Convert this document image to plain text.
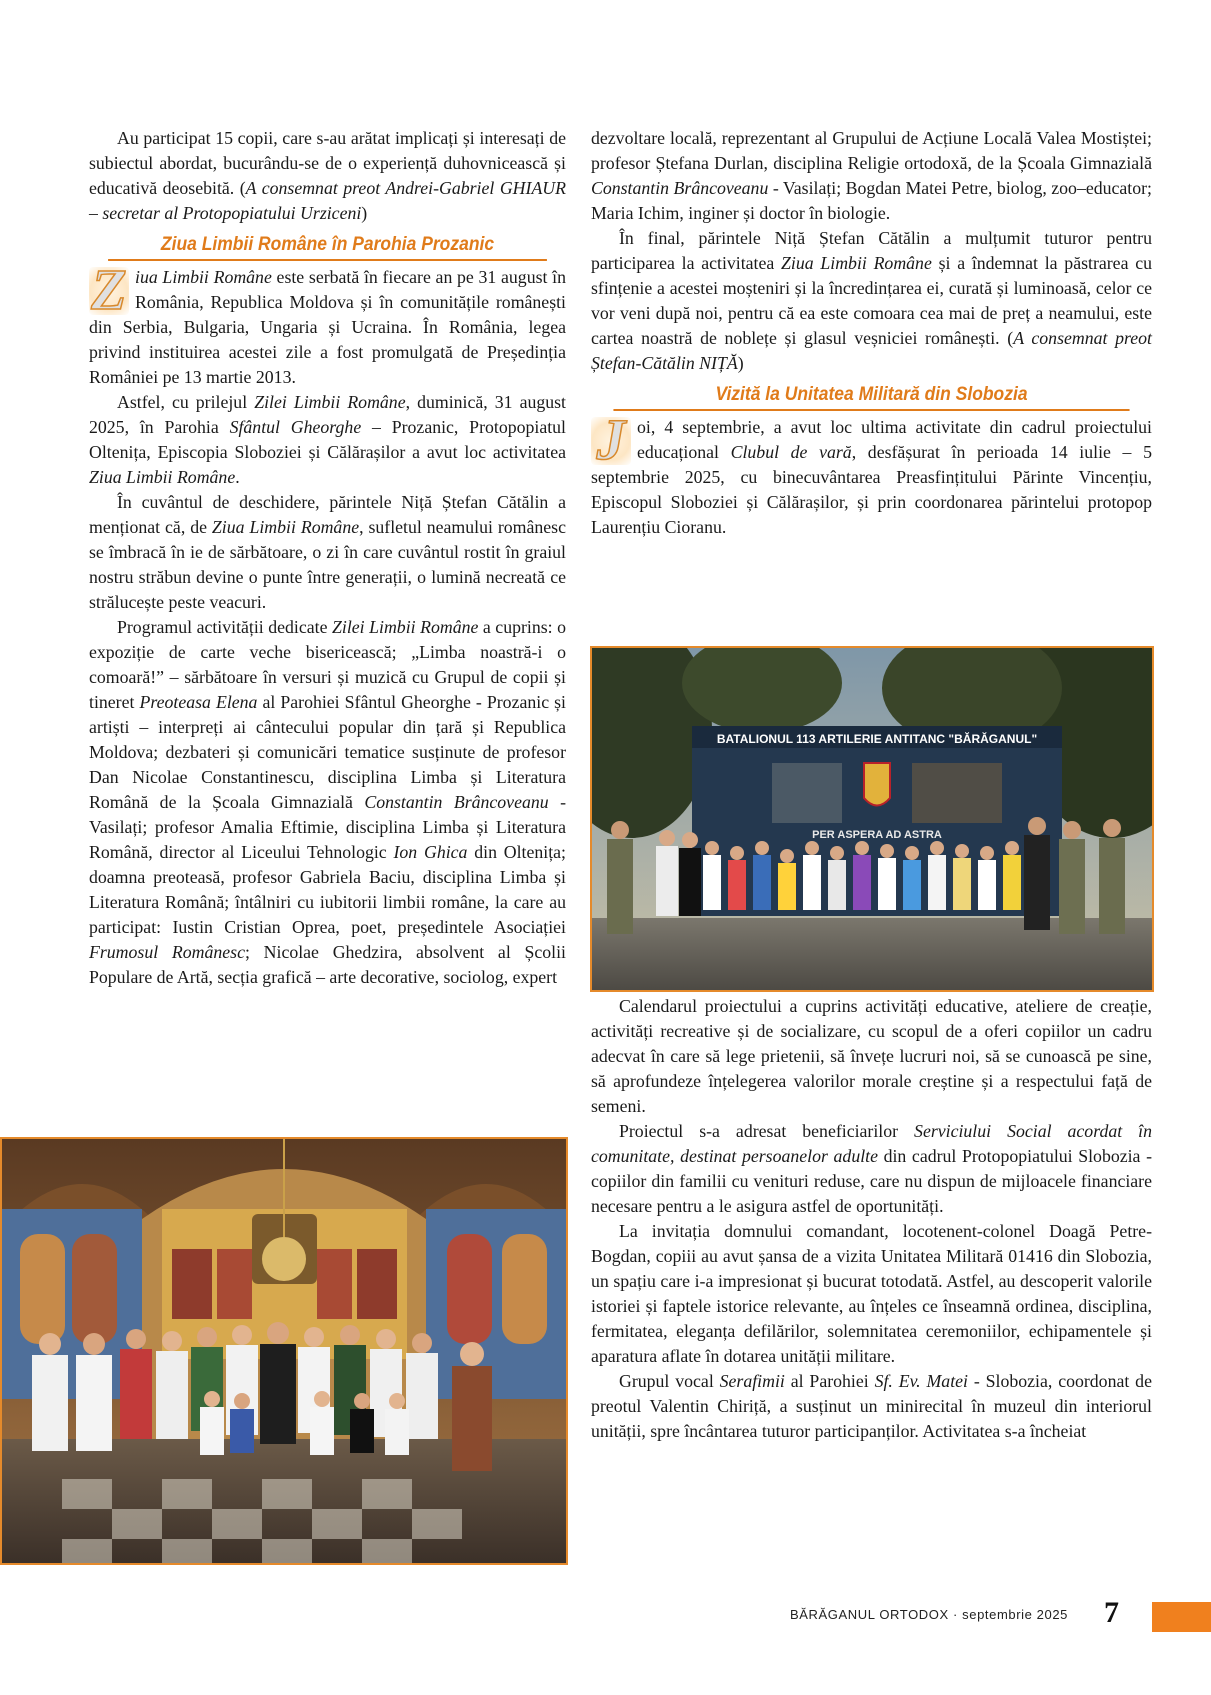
Au participat 15 copii, care s-au arătat implicați și interesați de subiectul abordat, bucurându-se de o experiență duhovnicească și educativă deosebită. (A consemnat preot Andrei-Gabriel GHIAUR – secretar al Protopopiatului Urziceni)

Ziua Limbii Române în Parohia Prozanic

Z iua Limbii Române este serbată în fiecare an pe 31 august în România, Republica Moldova și în comunitățile românești din Serbia, Bulgaria, Ungaria și Ucraina. În România, legea privind instituirea acestei zile a fost promulgată de Președinția României pe 13 martie 2013.

Astfel, cu prilejul Zilei Limbii Române, duminică, 31 august 2025, în Parohia Sfântul Gheorghe – Prozanic, Protopopiatul Oltenița, Episcopia Sloboziei și Călărașilor a avut loc activitatea Ziua Limbii Române.

În cuvântul de deschidere, părintele Niță Ștefan Cătălin a menționat că, de Ziua Limbii Române, sufletul neamului românesc se îmbracă în ie de sărbătoare, o zi în care cuvântul rostit în graiul nostru străbun devine o punte între generații, o lumină necreată ce strălucește peste veacuri.

Programul activității dedicate Zilei Limbii Române a cuprins: o expoziție de carte veche bisericească; „Limba noastră-i o comoară!” – sărbătoare în versuri și muzică cu Grupul de copii și tineret Preoteasa Elena al Parohiei Sfântul Gheorghe - Prozanic și artiști – interpreți ai cântecului popular din țară și Republica Moldova; dezbateri și comunicări tematice susținute de profesor Dan Nicolae Constantinescu, disciplina Limba și Literatura Română de la Școala Gimnazială Constantin Brâncoveanu - Vasilați; profesor Amalia Eftimie, disciplina Limba și Literatura Română, director al Liceului Tehnologic Ion Ghica din Oltenița; doamna preoteasă, profesor Gabriela Baciu, disciplina Limba și Literatura Română; întâlniri cu iubitorii limbii române, la care au participat: Iustin Cristian Oprea, poet, președintele Asociației Frumosul Românesc; Nicolae Ghedzira, absolvent al Școlii Populare de Artă, secția grafică – arte decorative, sociolog, expert

dezvoltare locală, reprezentant al Grupului de Acțiune Locală Valea Mostiștei; profesor Ștefana Durlan, disciplina Religie ortodoxă, de la Școala Gimnazială Constantin Brâncoveanu - Vasilați; Bogdan Matei Petre, biolog, zoo–educator; Maria Ichim, inginer și doctor în biologie.

În final, părintele Niță Ștefan Cătălin a mulțumit tuturor pentru participarea la activitatea Ziua Limbii Române și a îndemnat la păstrarea cu sfințenie a acestei moșteniri și la încredințarea ei, curată și luminoasă, celor ce vor veni după noi, pentru că ea este comoara cea mai de preț a neamului, este cartea noastră de noblețe și glasul veșniciei românești. (A consemnat preot Ștefan-Cătălin NIȚĂ)

Vizită la Unitatea Militară din Slobozia

J oi, 4 septembrie, a avut loc ultima activitate din cadrul proiectului educațional Clubul de vară, desfășurat în perioada 14 iulie – 5 septembrie 2025, cu binecuvântarea Preasfințitului Părinte Vincențiu, Episcopul Sloboziei și Călărașilor, și prin coordonarea părintelui protopop Laurențiu Cioranu.

BATALIONUL 113 ARTILERIE ANTITANC "BĂRĂGANUL"
PER ASPERA AD ASTRA

Calendarul proiectului a cuprins activități educative, ateliere de creație, activități recreative și de socializare, cu scopul de a oferi copiilor un cadru adecvat în care să lege prietenii, să învețe lucruri noi, să se cunoască pe sine, să aprofundeze înțelegerea valorilor morale creștine și a respectului față de semeni.

Proiectul s-a adresat beneficiarilor Serviciului Social acordat în comunitate, destinat persoanelor adulte din cadrul Protopopiatului Slobozia - copiilor din familii cu venituri reduse, care nu dispun de mijloacele financiare necesare pentru a le asigura astfel de oportunități.

La invitația domnului comandant, locotenent-colonel Doagă Petre-Bogdan, copiii au avut șansa de a vizita Unitatea Militară 01416 din Slobozia, un spațiu care i-a impresionat și bucurat totodată. Astfel, au descoperit valorile istoriei și faptele istorice relevante, au înțeles ce înseamnă ordinea, disciplina, fermitatea, eleganța defilărilor, solemnitatea ceremoniilor, echipamentele și aparatura aflate în dotarea unității militare.

Grupul vocal Serafimii al Parohiei Sf. Ev. Matei - Slobozia, coordonat de preotul Valentin Chiriță, a susținut un minirecital în muzeul din interiorul unității, spre încântarea tuturor participanților. Activitatea s-a încheiat

BĂRĂGANUL ORTODOX · septembrie 2025 7
